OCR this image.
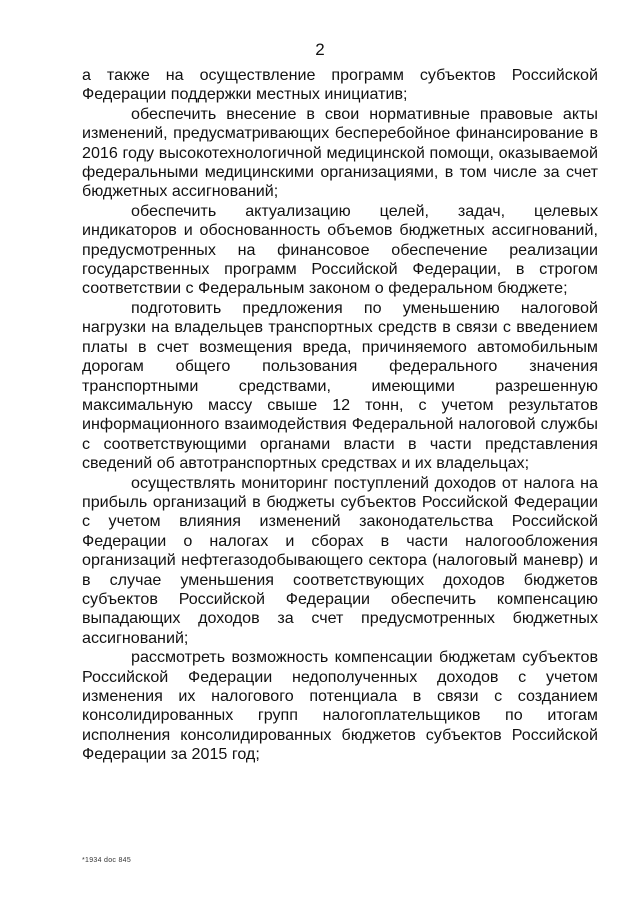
2

а также на осуществление программ субъектов Российской Федерации поддержки местных инициатив;

обеспечить внесение в свои нормативные правовые акты изменений, предусматривающих бесперебойное финансирование в 2016 году высокотехнологичной медицинской помощи, оказываемой федеральными медицинскими организациями, в том числе за счет бюджетных ассигнований;

обеспечить актуализацию целей, задач, целевых индикаторов и обоснованность объемов бюджетных ассигнований, предусмотренных на финансовое обеспечение реализации государственных программ Российской Федерации, в строгом соответствии с Федеральным законом о федеральном бюджете;

подготовить предложения по уменьшению налоговой нагрузки на владельцев транспортных средств в связи с введением платы в счет возмещения вреда, причиняемого автомобильным дорогам общего пользования федерального значения транспортными средствами, имеющими разрешенную максимальную массу свыше 12 тонн, с учетом результатов информационного взаимодействия Федеральной налоговой службы с соответствующими органами власти в части представления сведений об автотранспортных средствах и их владельцах;

осуществлять мониторинг поступлений доходов от налога на прибыль организаций в бюджеты субъектов Российской Федерации с учетом влияния изменений законодательства Российской Федерации о налогах и сборах в части налогообложения организаций нефтегазодобывающего сектора (налоговый маневр) и в случае уменьшения соответствующих доходов бюджетов субъектов Российской Федерации обеспечить компенсацию выпадающих доходов за счет предусмотренных бюджетных ассигнований;

рассмотреть возможность компенсации бюджетам субъектов Российской Федерации недополученных доходов с учетом изменения их налогового потенциала в связи с созданием консолидированных групп налогоплательщиков по итогам исполнения консолидированных бюджетов субъектов Российской Федерации за 2015 год;

*1934 doc 845
